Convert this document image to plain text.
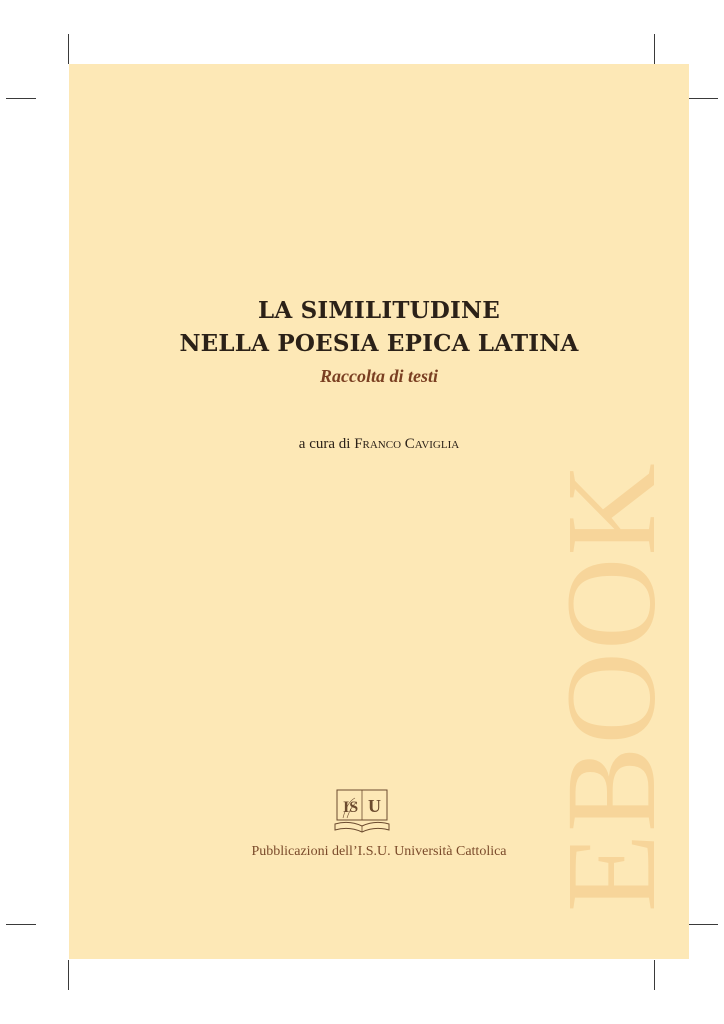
EBOOK
LA SIMILITUDINE
NELLA POESIA EPICA LATINA
Raccolta di testi
a cura di Franco Caviglia
IS U
Pubblicazioni dell’I.S.U. Università Cattolica
